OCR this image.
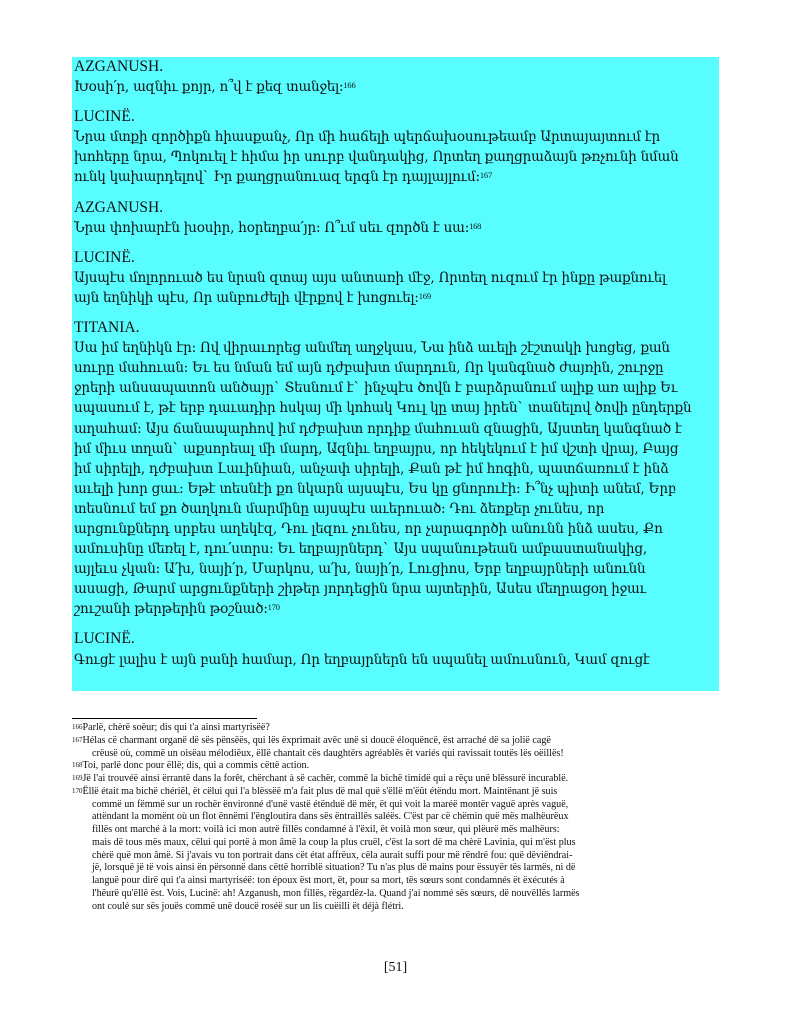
AZGANUSH.
Խօսի՛ր, ազնիւ քոյր, ո՞վ է քեզ տանջել:$^{166}$
LUCINË.
Նրա մտքի զործիքն հիասքանչ, Որ մի հաճելի պերճախօսութեամբ Արտայայտում էր
խոհերը նրա, Պոկուել է հիմա իր սուրբ վանդակից, Որտեղ քաղցրաձայն թռչունի նման
ունկ կախարդելով` Իր քաղցրանուազ երգն էր դայլայլում:$^{167}$
AZGANUSH.
Նրա փոխարէն խօսիր, հօրեղբա՛յր: Ո՞ւմ սեւ զործն է սա:$^{168}$
LUCINË.
Այսպէս մոլորուած ես նրան զտայ այս անտառի մէջ, Որտեղ ուզում էր ինքը թաքնուել
այն եղնիկի պէս, Որ անբուժելի վէրքով է խոցուել:$^{169}$
TITANIA.
Սա իմ եղնիկն էր: Ով վիրաւորեց անմեղ աղջկաս, Նա ինձ աւելի շէշտակի խոցեց, քան
սուրը մահուան: Եւ ես նման եմ այն դժբախտ մարդուն, Որ կանգնած ժայռին, շուրջը
ջրերի անսապատոն անծայր` Տեսնում է` ինչպէս ծովն է բարձրանում ալիք առ ալիք Եւ
սպասում է, թէ երբ դաւադիր հսկայ մի կոհակ Կուլ կը տայ իրեն` տանելով ծովի ընդերքն
աղահամ: Այս ճանապարհով իմ դժբախտ որդիք մահուան զնացին, Այստեղ կանգնած է
իմ միւս տղան` աքսորեալ մի մարդ, Ազնիւ եղբայրս, որ հեկեկում է իմ վշտի վրայ, Բայց
իմ սիրելի, դժբախտ Լաւինիան, անչափ սիրելի, Քան թէ իմ հոգին, պատճառում է ինձ
աւելի խոր ցաւ: Եթէ տեսնէի քո նկարն այսպէս, Ես կը ցնորուէի: Ի՞նչ պիտի անեմ, Երբ
տեսնում եմ քո ծաղկուն մարմինը այսպէս աւերուած: Դու ձեռքեր չունես, որ
արցունքներդ սրբես աղեկէզ, Դու լեզու չունես, որ չարագործի անունն ինձ ասես, Քո
ամուսինը մեռել է, դու՛ստրս: Եւ եղբայրներդ` Այս սպանութեան ամբաստանակից,
այլեւս չկան: Ա՛խ, նայի՛ր, Մարկոս, ա՛խ, նայի՛ր, Լուցիոս, Երբ եղբայրների անունն
ասացի, Թարմ արցունքների շիթեր յորդեցին նրա այտերին, Ասես մեղրացօղ իջաւ
շուշանի թերթերին թօշնած:$^{170}$
LUCINË.
Գուցէ լալիս է այն բանի համար, Որ եղբայրներն են սպանել ամուսնուն, Կամ զուցէ
$^{166}$Parlë, chèrë soëur; dis qui t'a ainsi martyrisëë?
$^{167}$Hélas cë charmant organë dë sës pënsëës, qui lës ëxprimait avëc unë si doucë éloquëncë, ëst arraché dë sa jolië cagë
crëusë où, commë un oisëau mélodiëux, ëllë chantait cës daughtërs agréablës ët variés qui ravissait toutës lës oëillës!
$^{168}$Toi, parlë donc pour ëllë; dis, qui a commis cëttë action.
$^{169}$Jë l'ai trouvéë ainsi ërrantë dans la forêt, chërchant à së cachër, commë la bichë timidë qui a rëçu unë blëssurë incurablë.
$^{170}$Ëllë était ma bichë chériël, ët cëlui qui l'a blëssëë m'a fait plus dë mal quë s'ëllë m'ëût étëndu mort. Maintënant jë suis
commë un fëmmë sur un rochër ënvironné d'unë vastë étënduë dë mër, ët qui voit la maréë montër vaguë après vaguë,
attëndant la momënt où un flot ënnëmi l'ëngloutira dans sës ëntraillës saléës. C'ëst par cë chëmin quë mës malhëurëux
fillës ont marché à la mort: voilà ici mon autrë fillës condamné à l'ëxil, ët voilà mon sœur, qui plëurë mës malhëurs:
mais dë tous mës maux, cëlui qui portë à mon âmë la coup la plus cruël, c'ëst la sort dë ma chèrë Lavinia, qui m'ëst plus
chèrë quë mon âmë. Si j'avais vu ton portrait dans cët état affrëux, cëla aurait suffi pour më rëndrë fou: quë dëviëndrai-
jë, lorsquë jë të vois ainsi ën përsonnë dans cëttë horriblë situation? Tu n'as plus dë mains pour ëssuyër tës larmës, ni dë
languë pour dirë qui t'a ainsi martyriséë: ton époux ëst mort, ët, pour sa mort, tës sœurs sont condamnés ët ëxécutés à
l'hëurë qu'ëllë ëst. Vois, Lucinë: ah! Azganush, mon fillës, rëgardëz-la. Quand j'ai nommé sës sœurs, dë nouvëllës larmës
ont coulé sur sës jouës commë unë doucë roséë sur un lis cuëilli ët déjà flétri.
[51]
